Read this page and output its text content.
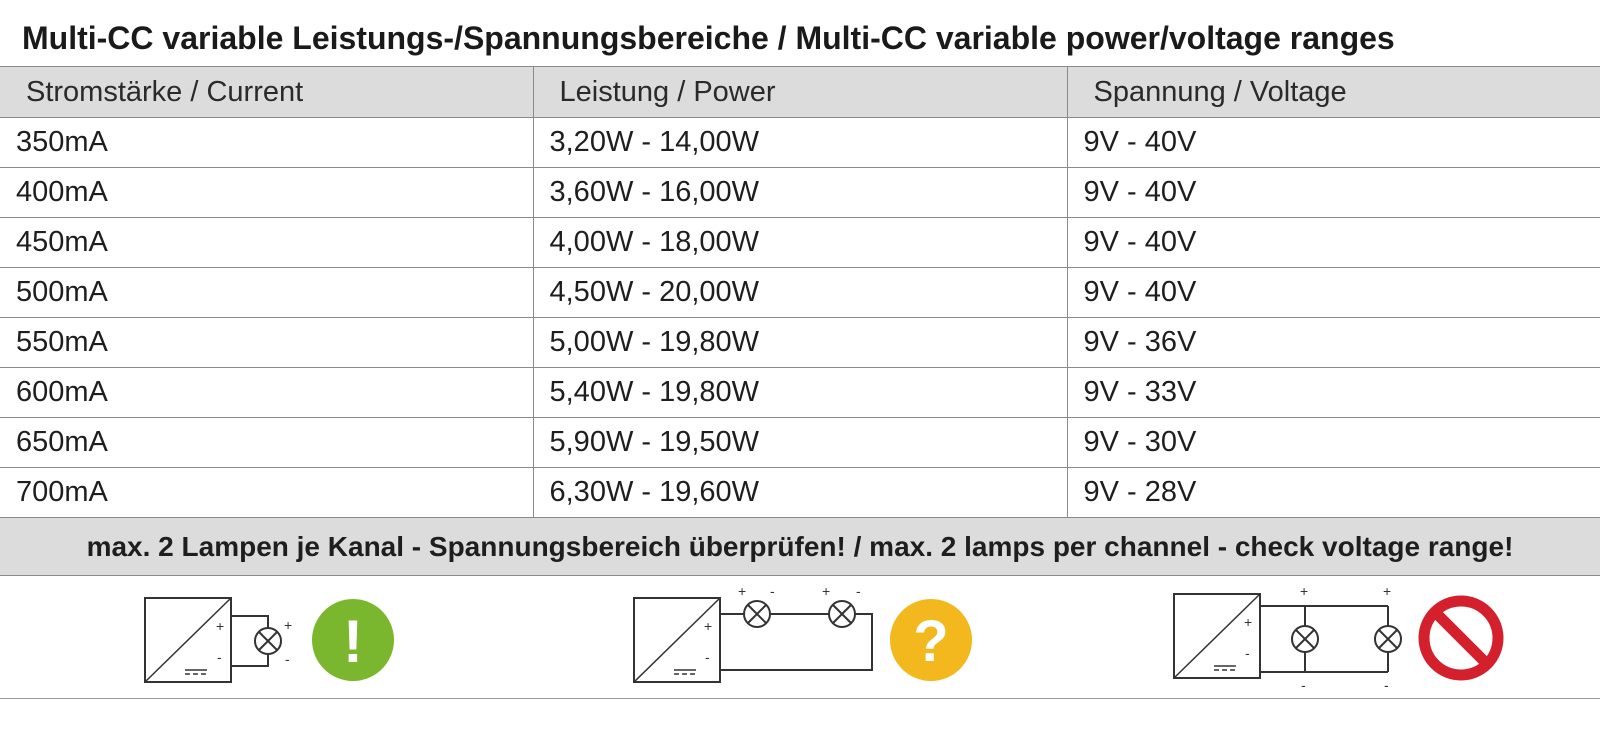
Multi-CC variable Leistungs-/Spannungsbereiche / Multi-CC variable power/voltage ranges
Stromstärke / Current	Leistung / Power	Spannung / Voltage
350mA	3,20W - 14,00W	9V - 40V
400mA	3,60W - 16,00W	9V - 40V
450mA	4,00W - 18,00W	9V - 40V
500mA	4,50W - 20,00W	9V - 40V
550mA	5,00W - 19,80W	9V - 36V
600mA	5,40W - 19,80W	9V - 33V
650mA	5,90W - 19,50W	9V - 30V
700mA	6,30W - 19,60W	9V - 28V
max. 2 Lampen je Kanal - Spannungsbereich überprüfen! / max. 2 lamps per channel - check voltage range!
+
-
+
- !	+
-
+ -	+ -
?	+
-
+	+
-	-
